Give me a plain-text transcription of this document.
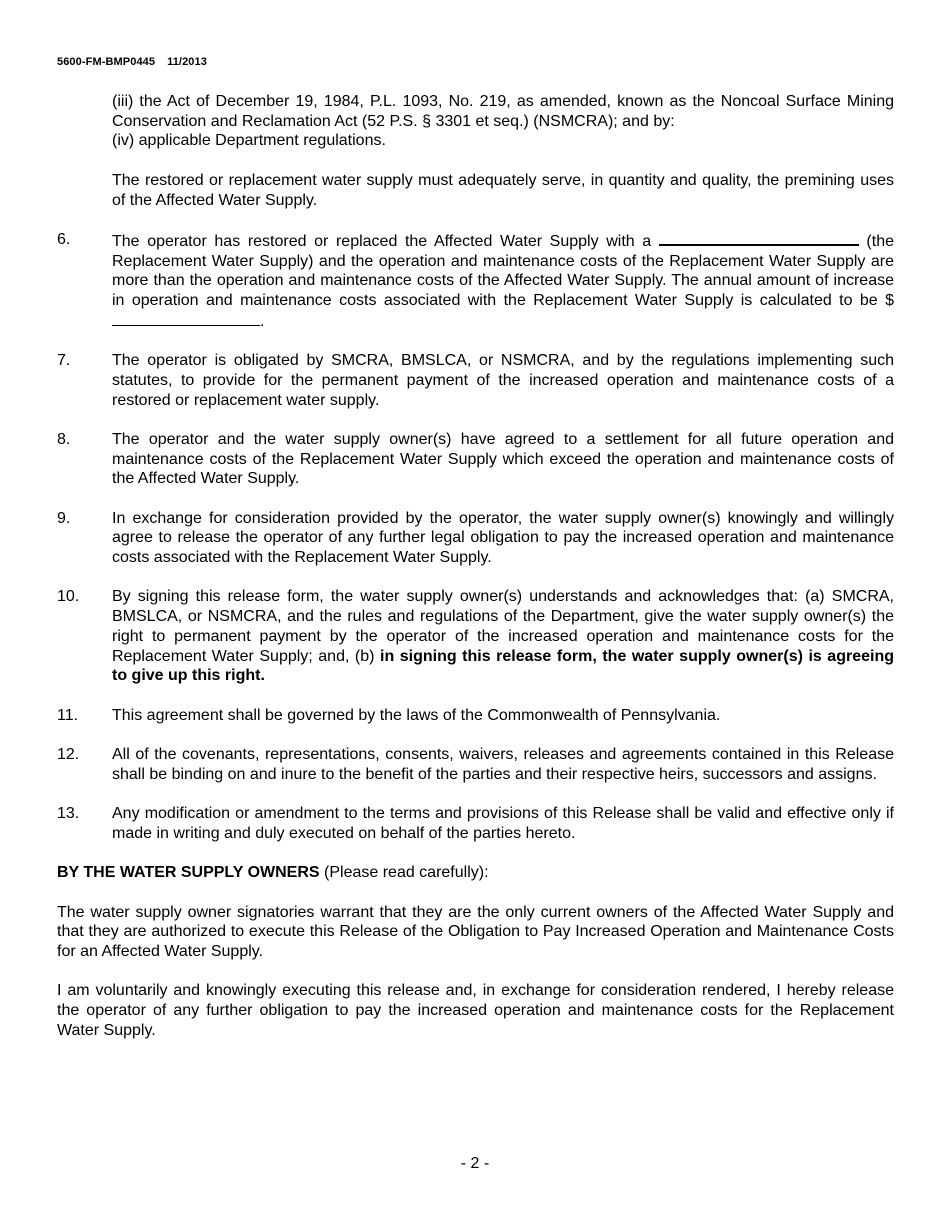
5600-FM-BMP0445 11/2013

(iii) the Act of December 19, 1984, P.L. 1093, No. 219, as amended, known as the Noncoal Surface Mining Conservation and Reclamation Act (52 P.S. § 3301 et seq.) (NSMCRA); and by:

(iv) applicable Department regulations.

The restored or replacement water supply must adequately serve, in quantity and quality, the premining uses of the Affected Water Supply.

6.	The operator has restored or replaced the Affected Water Supply with a	(the Replacement Water Supply) and the operation and maintenance costs of the Replacement Water Supply are more than the operation and maintenance costs of the Affected Water Supply. The annual amount of increase in operation and maintenance costs associated with the Replacement Water Supply is calculated to be $.
7.	The operator is obligated by SMCRA, BMSLCA, or NSMCRA, and by the regulations implementing such statutes, to provide for the permanent payment of the increased operation and maintenance costs of a restored or replacement water supply.
8.	The operator and the water supply owner(s) have agreed to a settlement for all future operation and maintenance costs of the Replacement Water Supply which exceed the operation and maintenance costs of the Affected Water Supply.
9.	In exchange for consideration provided by the operator, the water supply owner(s) knowingly and willingly agree to release the operator of any further legal obligation to pay the increased operation and maintenance costs associated with the Replacement Water Supply.
10.	By signing this release form, the water supply owner(s) understands and acknowledges that: (a) SMCRA, BMSLCA, or NSMCRA, and the rules and regulations of the Department, give the water supply owner(s) the right to permanent payment by the operator of the increased operation and maintenance costs for the Replacement Water Supply; and, (b) in signing this release form, the water supply owner(s) is agreeing to give up this right.
11.	This agreement shall be governed by the laws of the Commonwealth of Pennsylvania.
12.	All of the covenants, representations, consents, waivers, releases and agreements contained in this Release shall be binding on and inure to the benefit of the parties and their respective heirs, successors and assigns.
13.	Any modification or amendment to the terms and provisions of this Release shall be valid and effective only if made in writing and duly executed on behalf of the parties hereto.

BY THE WATER SUPPLY OWNERS (Please read carefully):

The water supply owner signatories warrant that they are the only current owners of the Affected Water Supply and that they are authorized to execute this Release of the Obligation to Pay Increased Operation and Maintenance Costs for an Affected Water Supply.

I am voluntarily and knowingly executing this release and, in exchange for consideration rendered, I hereby release the operator of any further obligation to pay the increased operation and maintenance costs for the Replacement Water Supply.

- 2 -
